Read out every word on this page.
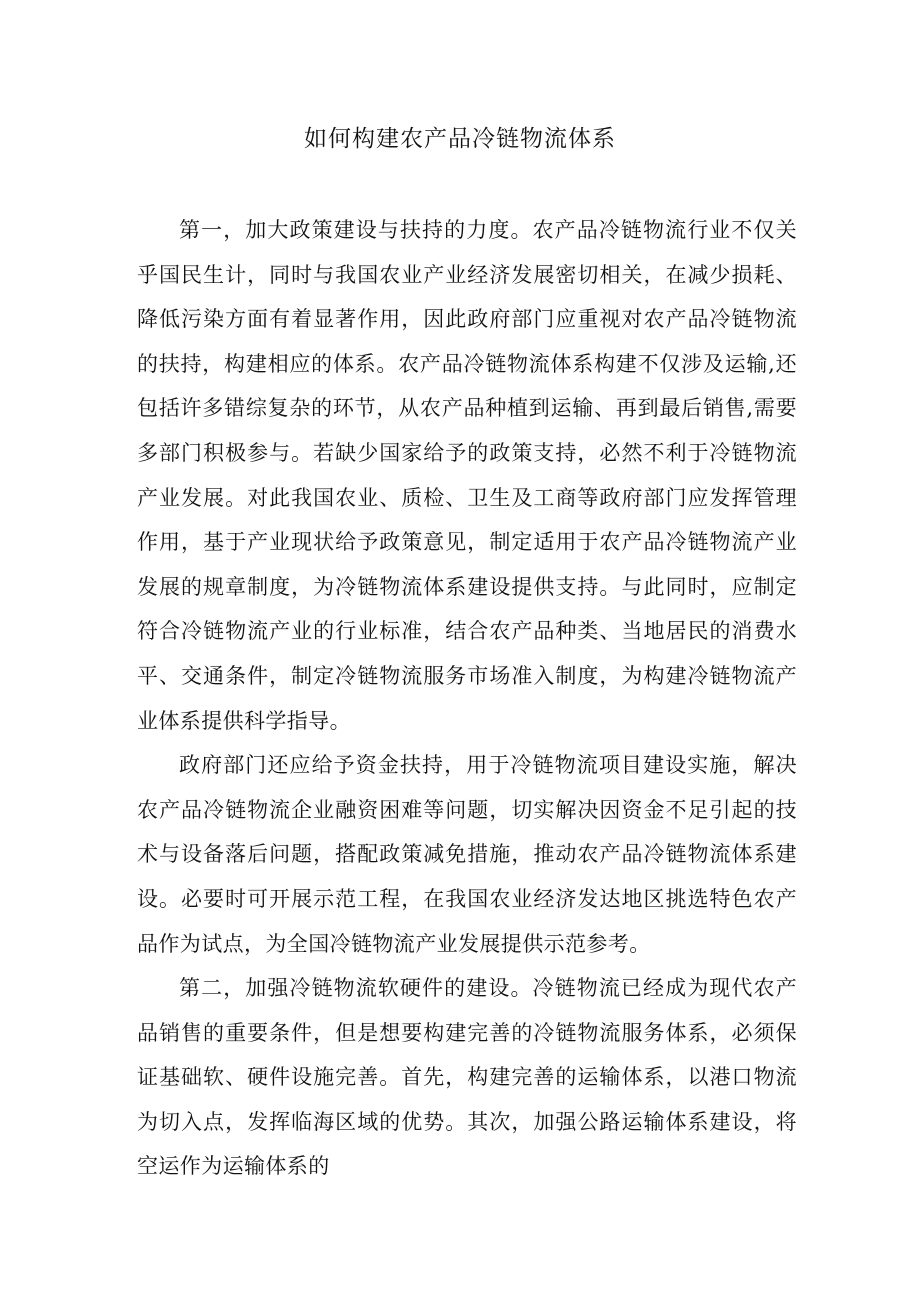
如何构建农产品冷链物流体系

第一，加大政策建设与扶持的力度。农产品冷链物流行业不仅关乎国民生计，同时与我国农业产业经济发展密切相关，在减少损耗、降低污染方面有着显著作用，因此政府部门应重视对农产品冷链物流的扶持，构建相应的体系。农产品冷链物流体系构建不仅涉及运输,还包括许多错综复杂的环节，从农产品种植到运输、再到最后销售,需要多部门积极参与。若缺少国家给予的政策支持，必然不利于冷链物流产业发展。对此我国农业、质检、卫生及工商等政府部门应发挥管理作用，基于产业现状给予政策意见，制定适用于农产品冷链物流产业发展的规章制度，为冷链物流体系建设提供支持。与此同时，应制定符合冷链物流产业的行业标准，结合农产品种类、当地居民的消费水平、交通条件，制定冷链物流服务市场准入制度，为构建冷链物流产业体系提供科学指导。

政府部门还应给予资金扶持，用于冷链物流项目建设实施，解决农产品冷链物流企业融资困难等问题，切实解决因资金不足引起的技术与设备落后问题，搭配政策减免措施，推动农产品冷链物流体系建设。必要时可开展示范工程，在我国农业经济发达地区挑选特色农产品作为试点，为全国冷链物流产业发展提供示范参考。

第二，加强冷链物流软硬件的建设。冷链物流已经成为现代农产品销售的重要条件，但是想要构建完善的冷链物流服务体系，必须保证基础软、硬件设施完善。首先，构建完善的运输体系，以港口物流为切入点，发挥临海区域的优势。其次，加强公路运输体系建设，将空运作为运输体系的
